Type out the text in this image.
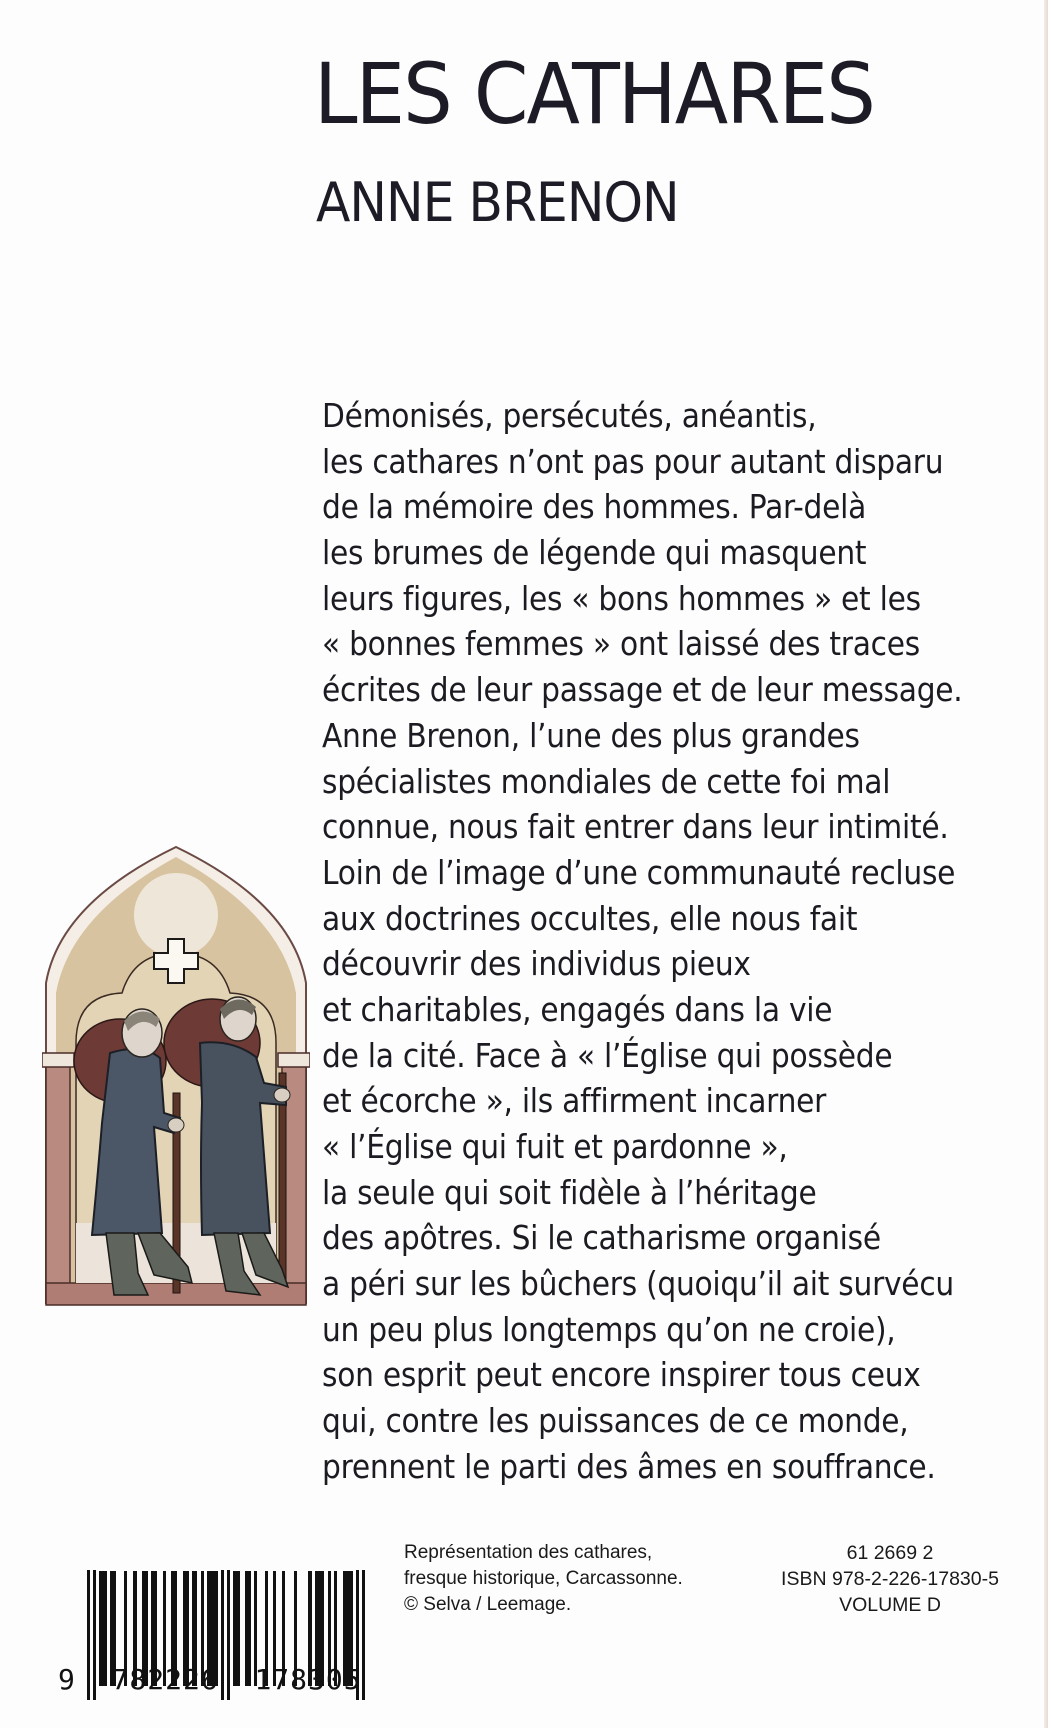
LES CATHARES
ANNE BRENON
Démonisés, persécutés, anéantis,
les cathares n’ont pas pour autant disparu
de la mémoire des hommes. Par-delà
les brumes de légende qui masquent
leurs figures, les « bons hommes » et les
« bonnes femmes » ont laissé des traces
écrites de leur passage et de leur message.
Anne Brenon, l’une des plus grandes
spécialistes mondiales de cette foi mal
connue, nous fait entrer dans leur intimité.
Loin de l’image d’une communauté recluse
aux doctrines occultes, elle nous fait
découvrir des individus pieux
et charitables, engagés dans la vie
de la cité. Face à « l’Église qui possède
et écorche », ils affirment incarner
« l’Église qui fuit et pardonne »,
la seule qui soit fidèle à l’héritage
des apôtres. Si le catharisme organisé
a péri sur les bûchers (quoiqu’il ait survécu
un peu plus longtemps qu’on ne croie),
son esprit peut encore inspirer tous ceux
qui, contre les puissances de ce monde,
prennent le parti des âmes en souffrance.
9 782226 178305
Représentation des cathares,
fresque historique, Carcassonne.
© Selva / Leemage.
61 2669 2
ISBN 978-2-226-17830-5
VOLUME D
